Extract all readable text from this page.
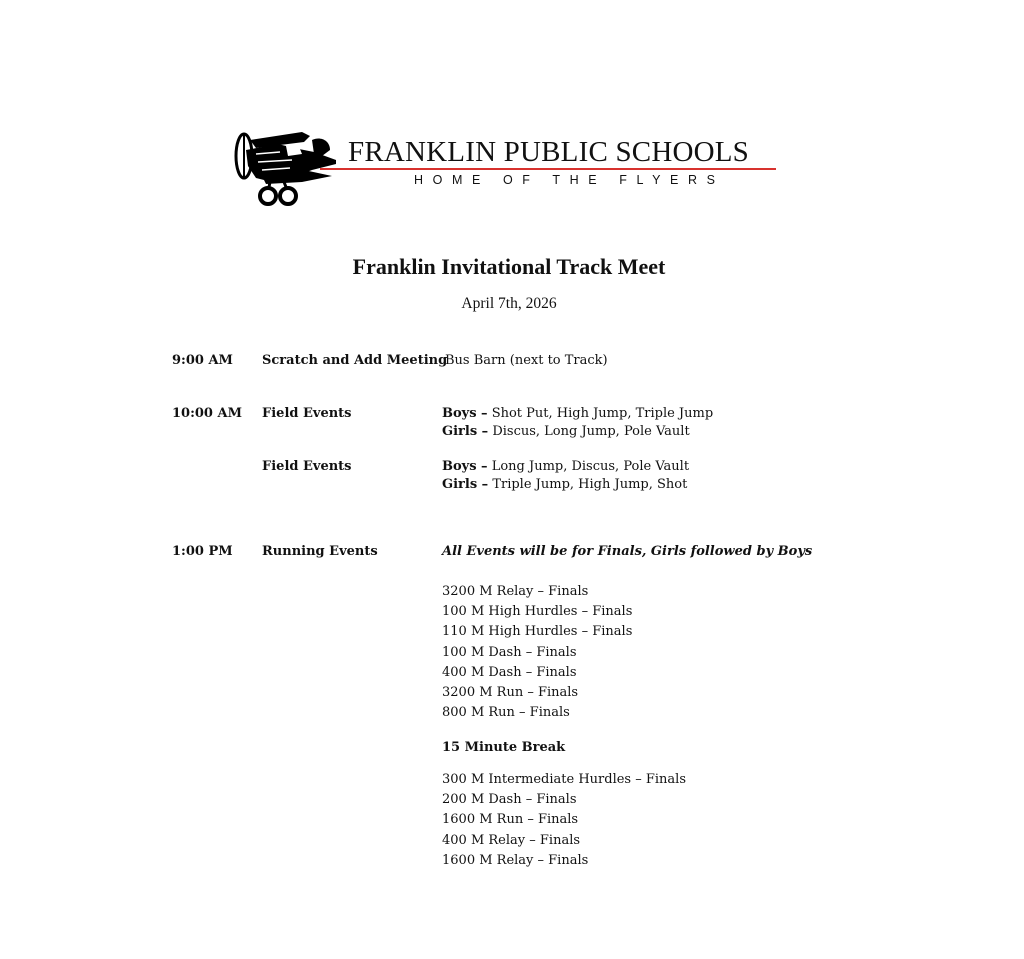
FRANKLIN PUBLIC SCHOOLS
HOME OF THE FLYERS
Franklin Invitational Track Meet
April 7th, 2026
9:00 AM Scratch and Add Meeting
Bus Barn (next to Track)
10:00 AM Field Events	Boys – Shot Put, High Jump, Triple Jump
Girls – Discus, Long Jump, Pole Vault
Field Events	Boys – Long Jump, Discus, Pole Vault
Girls – Triple Jump, High Jump, Shot
1:00 PM Running Events	All Events will be for Finals, Girls followed by Boys
3200 M Relay – Finals
100 M High Hurdles – Finals
110 M High Hurdles – Finals
100 M Dash – Finals
400 M Dash – Finals
3200 M Run – Finals
800 M Run – Finals
15 Minute Break
300 M Intermediate Hurdles – Finals
200 M Dash – Finals
1600 M Run – Finals
400 M Relay – Finals
1600 M Relay – Finals
